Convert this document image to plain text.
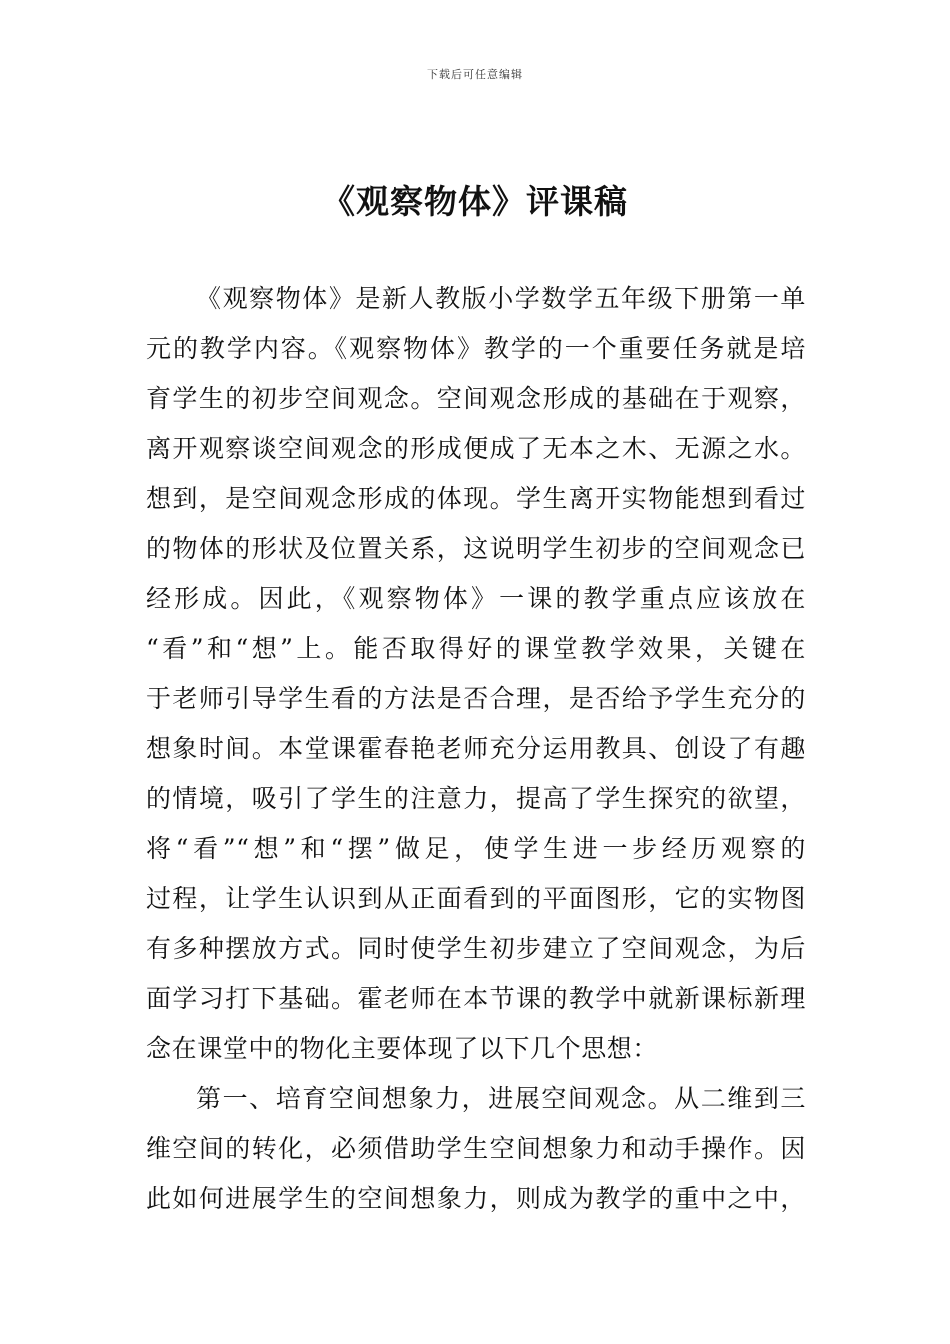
下载后可任意编辑
《观察物体》评课稿
《观察物体》是新人教版小学数学五年级下册第一单
元的教学内容。《观察物体》教学的一个重要任务就是培
育学生的初步空间观念。空间观念形成的基础在于观察，
离开观察谈空间观念的形成便成了无本之木、无源之水。
想到，是空间观念形成的体现。学生离开实物能想到看过
的物体的形状及位置关系，这说明学生初步的空间观念已
经形成。因此，《观察物体》一课的教学重点应该放在
“看”和“想”上。能否取得好的课堂教学效果，关键在
于老师引导学生看的方法是否合理，是否给予学生充分的
想象时间。本堂课霍春艳老师充分运用教具、创设了有趣
的情境，吸引了学生的注意力，提高了学生探究的欲望，
将“看”“想”和“摆”做足，使学生进一步经历观察的
过程，让学生认识到从正面看到的平面图形，它的实物图
有多种摆放方式。同时使学生初步建立了空间观念，为后
面学习打下基础。霍老师在本节课的教学中就新课标新理
念在课堂中的物化主要体现了以下几个思想：
第一、培育空间想象力，进展空间观念。从二维到三
维空间的转化，必须借助学生空间想象力和动手操作。因
此如何进展学生的空间想象力，则成为教学的重中之中，
